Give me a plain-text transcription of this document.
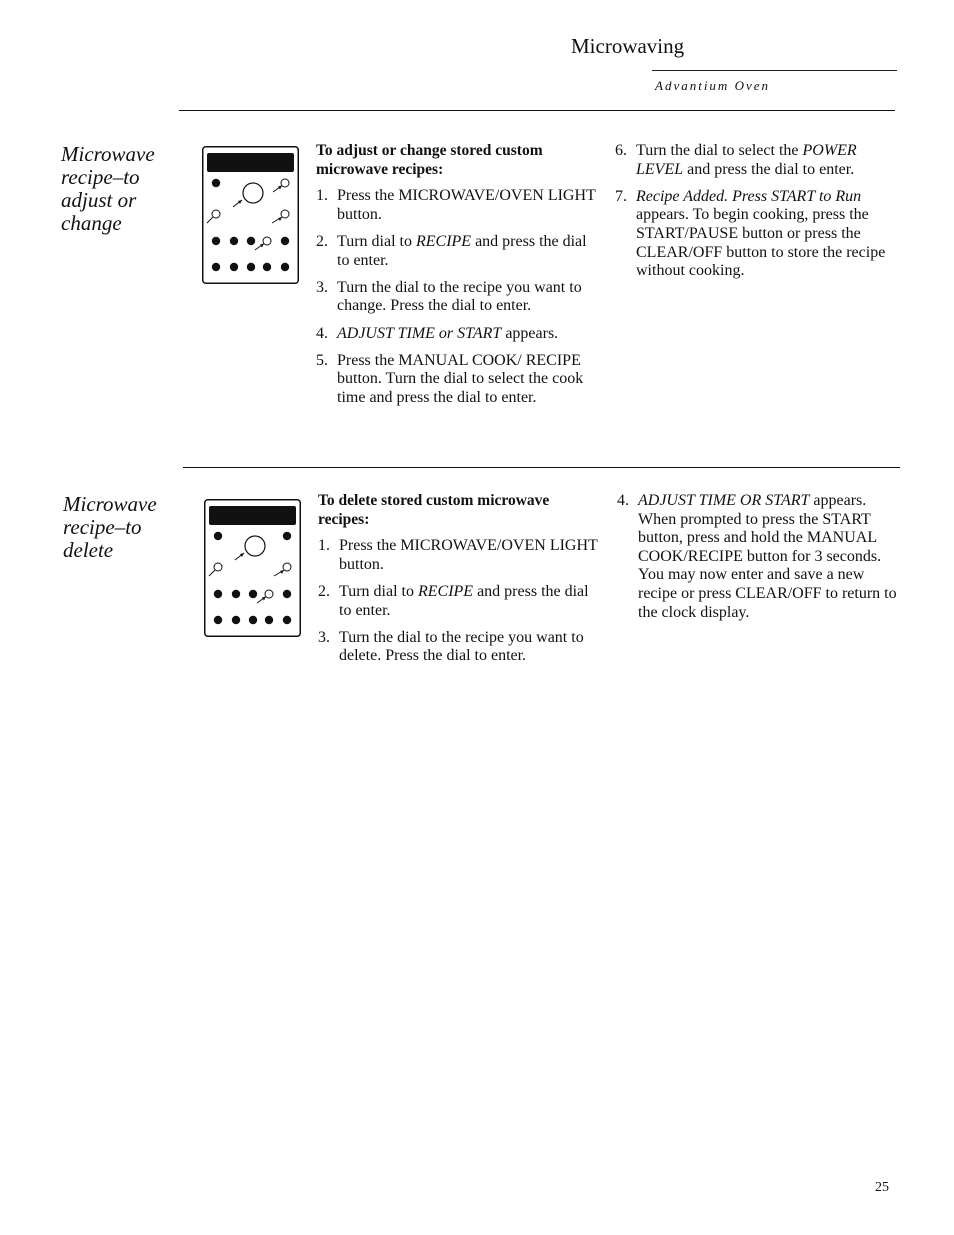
Microwaving
Advantium Oven
Microwave recipe–to adjust or change
To adjust or change stored custom microwave recipes:
1. Press the MICROWAVE/OVEN LIGHT button.
2. Turn dial to RECIPE and press the dial to enter.
3. Turn the dial to the recipe you want to change. Press the dial to enter.
4. ADJUST TIME or START appears.
5. Press the MANUAL COOK/ RECIPE button. Turn the dial to select the cook time and press the dial to enter.
6. Turn the dial to select the POWER LEVEL and press the dial to enter.
7. Recipe Added. Press START to Run appears. To begin cooking, press the START/PAUSE button or press the CLEAR/OFF button to store the recipe without cooking.
Microwave recipe–to delete
To delete stored custom microwave recipes:
1. Press the MICROWAVE/OVEN LIGHT button.
2. Turn dial to RECIPE and press the dial to enter.
3. Turn the dial to the recipe you want to delete. Press the dial to enter.
4. ADJUST TIME OR START appears. When prompted to press the START button, press and hold the MANUAL COOK/RECIPE button for 3 seconds. You may now enter and save a new recipe or press CLEAR/OFF to return to the clock display.
25
